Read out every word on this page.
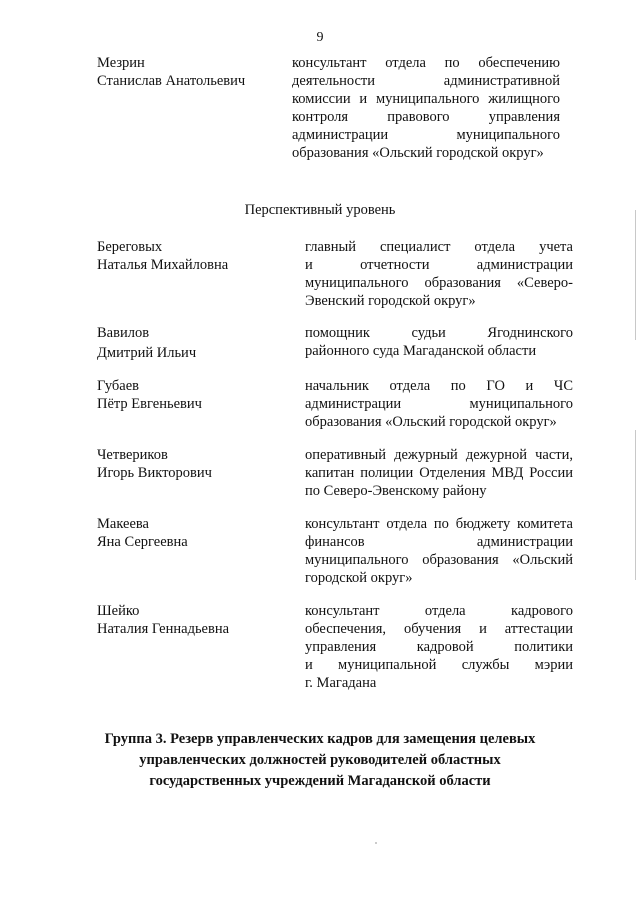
9
Мезрин
Станислав Анатольевич
консультант отдела по обеспечению
деятельности административной
комиссии и муниципального жилищного
контроля правового управления
администрации муниципального
образования «Ольский городской округ»
Перспективный уровень
Береговых
Наталья Михайловна
главный специалист отдела учета
и отчетности администрации
муниципального образования «Северо-
Эвенский городской округ»
Вавилов
Дмитрий Ильич
помощник судьи Ягоднинского
районного суда Магаданской области
Губаев
Пётр Евгеньевич
начальник отдела по ГО и ЧС
администрации муниципального
образования «Ольский городской округ»
Четвериков
Игорь Викторович
оперативный дежурный дежурной части,
капитан полиции Отделения МВД России
по Северо-Эвенскому району
Макеева
Яна Сергеевна
консультант отдела по бюджету комитета
финансов администрации
муниципального образования «Ольский
городской округ»
Шейко
Наталия Геннадьевна
консультант отдела кадрового
обеспечения, обучения и аттестации
управления кадровой политики
и муниципальной службы мэрии
г. Магадана
Группа 3. Резерв управленческих кадров для замещения целевых
управленческих должностей руководителей областных
государственных учреждений Магаданской области
